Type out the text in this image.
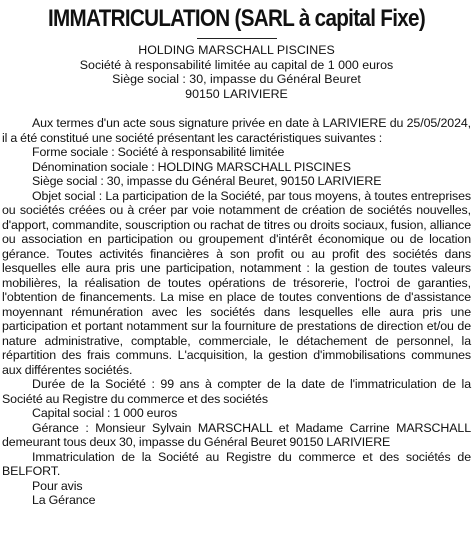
IMMATRICULATION (SARL à capital Fixe)
HOLDING MARSCHALL PISCINES
Société à responsabilité limitée au capital de 1 000 euros
Siège social : 30, impasse du Général Beuret
90150 LARIVIERE

Aux termes d'un acte sous signature privée en date à LARIVIERE du 25/05/2024, il a été constitué une société présentant les caractéristiques suivantes :

Forme sociale : Société à responsabilité limitée

Dénomination sociale : HOLDING MARSCHALL PISCINES

Siège social : 30, impasse du Général Beuret, 90150 LARIVIERE

Objet social : La participation de la Société, par tous moyens, à toutes entreprises ou sociétés créées ou à créer par voie notamment de création de sociétés nouvelles, d'apport, commandite, souscription ou rachat de titres ou droits sociaux, fusion, alliance ou association en participation ou groupement d'intérêt économique ou de location gérance. Toutes activités financières à son profit ou au profit des sociétés dans lesquelles elle aura pris une participation, notamment : la gestion de toutes valeurs mobilières, la réalisation de toutes opérations de trésorerie, l'octroi de garanties, l'obtention de financements. La mise en place de toutes conventions de d'assistance moyennant rémunération avec les sociétés dans lesquelles elle aura pris une participation et portant notamment sur la fourniture de prestations de direction et/ou de nature administrative, comptable, commerciale, le détachement de personnel, la répartition des frais communs. L'acquisition, la gestion d'immobilisations communes aux différentes sociétés.

Durée de la Société : 99 ans à compter de la date de l'immatriculation de la Société au Registre du commerce et des sociétés

Capital social : 1 000 euros

Gérance : Monsieur Sylvain MARSCHALL et Madame Carrine MARSCHALL demeurant tous deux 30, impasse du Général Beuret 90150 LARIVIERE

Immatriculation de la Société au Registre du commerce et des sociétés de BELFORT.

Pour avis

La Gérance
